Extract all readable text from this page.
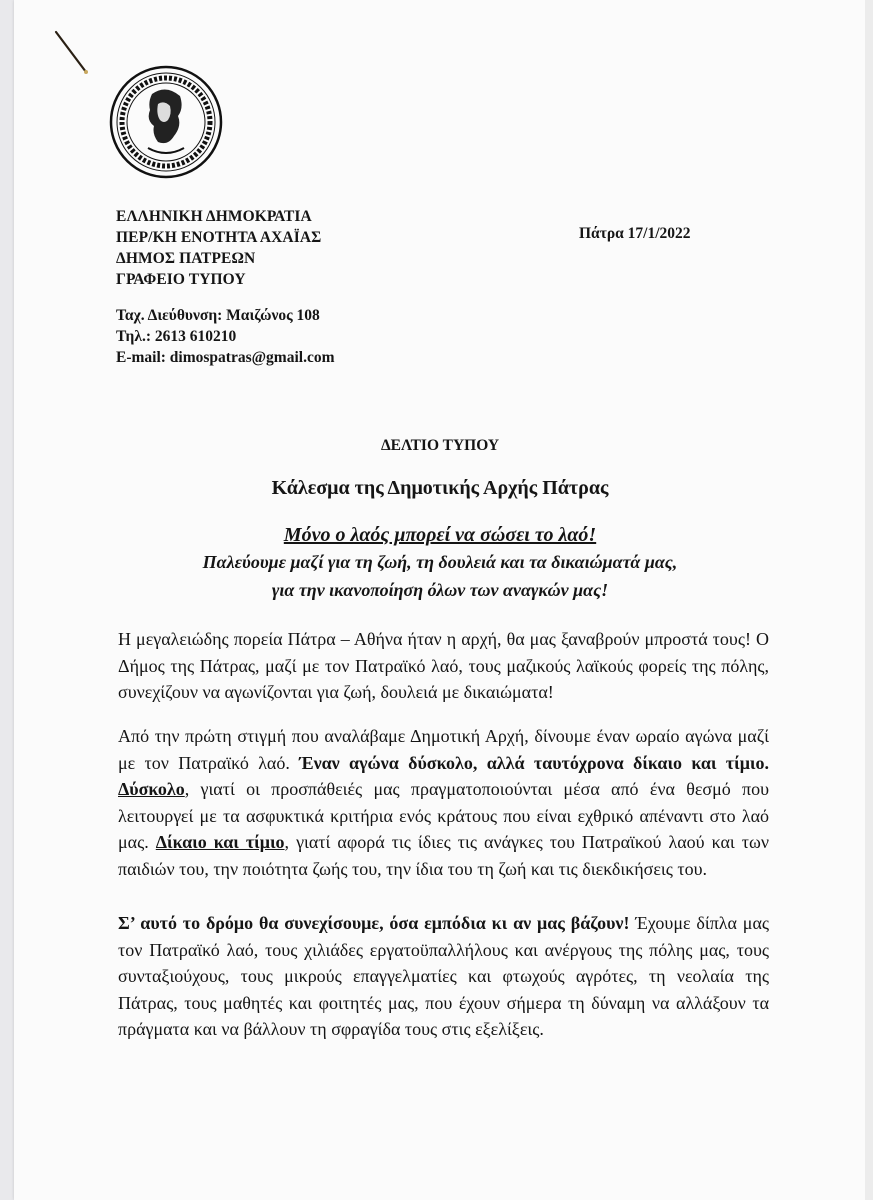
ΕΛΛΗΝΙΚΗ ΔΗΜΟΚΡΑΤΙΑ
ΠΕΡ/ΚΗ ΕΝΟΤΗΤΑ ΑΧΑΪΑΣ
ΔΗΜΟΣ ΠΑΤΡΕΩΝ
ΓΡΑΦΕΙΟ ΤΥΠΟΥ
Πάτρα 17/1/2022
Ταχ. Διεύθυνση: Μαιζώνος 108
Τηλ.: 2613 610210
E-mail: dimospatras@gmail.com
ΔΕΛΤΙΟ ΤΥΠΟΥ
Κάλεσμα της Δημοτικής Αρχής Πάτρας
Μόνο ο λαός μπορεί να σώσει το λαό!
Παλεύουμε μαζί για τη ζωή, τη δουλειά και τα δικαιώματά μας,
για την ικανοποίηση όλων των αναγκών μας!
Η μεγαλειώδης πορεία Πάτρα – Αθήνα ήταν η αρχή, θα μας ξαναβρούν μπροστά τους! Ο Δήμος της Πάτρας, μαζί με τον Πατραϊκό λαό, τους μαζικούς λαϊκούς φορείς της πόλης, συνεχίζουν να αγωνίζονται για ζωή, δουλειά με δικαιώματα!
Από την πρώτη στιγμή που αναλάβαμε Δημοτική Αρχή, δίνουμε έναν ωραίο αγώνα μαζί με τον Πατραϊκό λαό. Έναν αγώνα δύσκολο, αλλά ταυτόχρονα δίκαιο και τίμιο. Δύσκολο, γιατί οι προσπάθειές μας πραγματοποιούνται μέσα από ένα θεσμό που λειτουργεί με τα ασφυκτικά κριτήρια ενός κράτους που είναι εχθρικό απέναντι στο λαό μας. Δίκαιο και τίμιο, γιατί αφορά τις ίδιες τις ανάγκες του Πατραϊκού λαού και των παιδιών του, την ποιότητα ζωής του, την ίδια του τη ζωή και τις διεκδικήσεις του.
Σ’ αυτό το δρόμο θα συνεχίσουμε, όσα εμπόδια κι αν μας βάζουν! Έχουμε δίπλα μας τον Πατραϊκό λαό, τους χιλιάδες εργατοϋπαλλήλους και ανέργους της πόλης μας, τους συνταξιούχους, τους μικρούς επαγγελματίες και φτωχούς αγρότες, τη νεολαία της Πάτρας, τους μαθητές και φοιτητές μας, που έχουν σήμερα τη δύναμη να αλλάξουν τα πράγματα και να βάλλουν τη σφραγίδα τους στις εξελίξεις.
